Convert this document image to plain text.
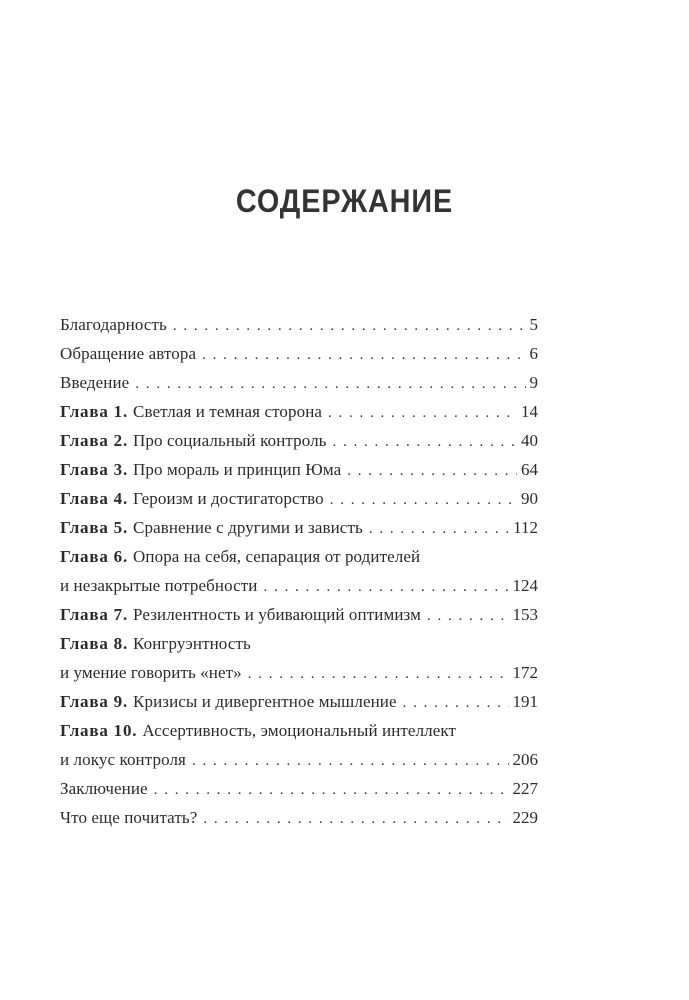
СОДЕРЖАНИЕ
Благодарность . . .	5
Обращение автора . . .	6
Введение . . .	9
Глава 1. Светлая и темная сторона . . .	14
Глава 2. Про социальный контроль . . .	40
Глава 3. Про мораль и принцип Юма . . .	64
Глава 4. Героизм и достигаторство . . .	90
Глава 5. Сравнение с другими и зависть . . .	112
Глава 6. Опора на себя, сепарация от родителей
и незакрытые потребности . . .	124
Глава 7. Резилентность и убивающий оптимизм . . .	153
Глава 8. Конгруэнтность
и умение говорить «нет» . . .	172
Глава 9. Кризисы и дивергентное мышление . . .	191
Глава 10. Ассертивность, эмоциональный интеллект
и локус контроля . . .	206
Заключение . . .	227
Что еще почитать? . . .	229
